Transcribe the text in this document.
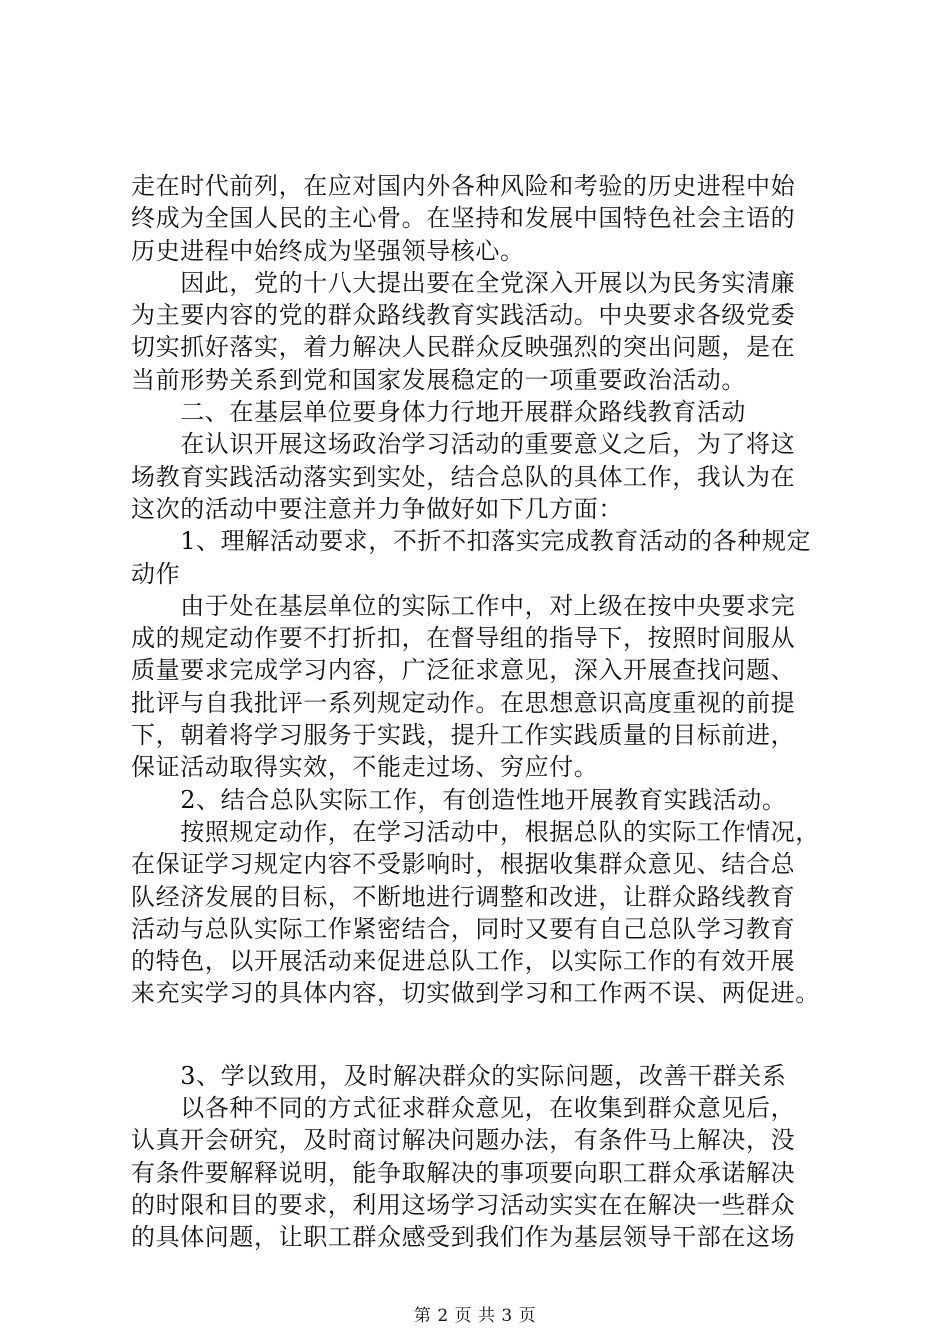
走在时代前列，在应对国内外各种风险和考验的历史进程中始
终成为全国人民的主心骨。在坚持和发展中国特色社会主语的
历史进程中始终成为坚强领导核心。
　　因此，党的十八大提出要在全党深入开展以为民务实清廉
为主要内容的党的群众路线教育实践活动。中央要求各级党委
切实抓好落实，着力解决人民群众反映强烈的突出问题，是在
当前形势关系到党和国家发展稳定的一项重要政治活动。
　　二、在基层单位要身体力行地开展群众路线教育活动
　　在认识开展这场政治学习活动的重要意义之后，为了将这
场教育实践活动落实到实处，结合总队的具体工作，我认为在
这次的活动中要注意并力争做好如下几方面：
　　1、理解活动要求，不折不扣落实完成教育活动的各种规定
动作
　　由于处在基层单位的实际工作中，对上级在按中央要求完
成的规定动作要不打折扣，在督导组的指导下，按照时间服从
质量要求完成学习内容，广泛征求意见，深入开展查找问题、
批评与自我批评一系列规定动作。在思想意识高度重视的前提
下，朝着将学习服务于实践，提升工作实践质量的目标前进，
保证活动取得实效，不能走过场、穷应付。
　　2、结合总队实际工作，有创造性地开展教育实践活动。
　　按照规定动作，在学习活动中，根据总队的实际工作情况，
在保证学习规定内容不受影响时，根据收集群众意见、结合总
队经济发展的目标，不断地进行调整和改进，让群众路线教育
活动与总队实际工作紧密结合，同时又要有自己总队学习教育
的特色，以开展活动来促进总队工作，以实际工作的有效开展
来充实学习的具体内容，切实做到学习和工作两不误、两促进。
　　3、学以致用，及时解决群众的实际问题，改善干群关系
　　以各种不同的方式征求群众意见，在收集到群众意见后，
认真开会研究，及时商讨解决问题办法，有条件马上解决，没
有条件要解释说明，能争取解决的事项要向职工群众承诺解决
的时限和目的要求，利用这场学习活动实实在在解决一些群众
的具体问题，让职工群众感受到我们作为基层领导干部在这场
第 2 页 共 3 页
